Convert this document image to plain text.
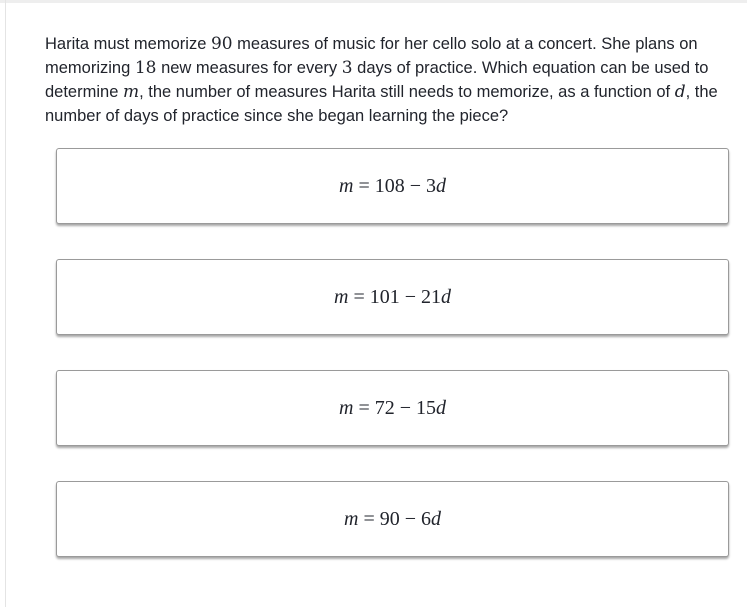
Harita must memorize 90 measures of music for her cello solo at a concert. She plans on memorizing 18 new measures for every 3 days of practice. Which equation can be used to determine m, the number of measures Harita still needs to memorize, as a function of d, the number of days of practice since she began learning the piece?
m = 108 − 3d
m = 101 − 21d
m = 72 − 15d
m = 90 − 6d
